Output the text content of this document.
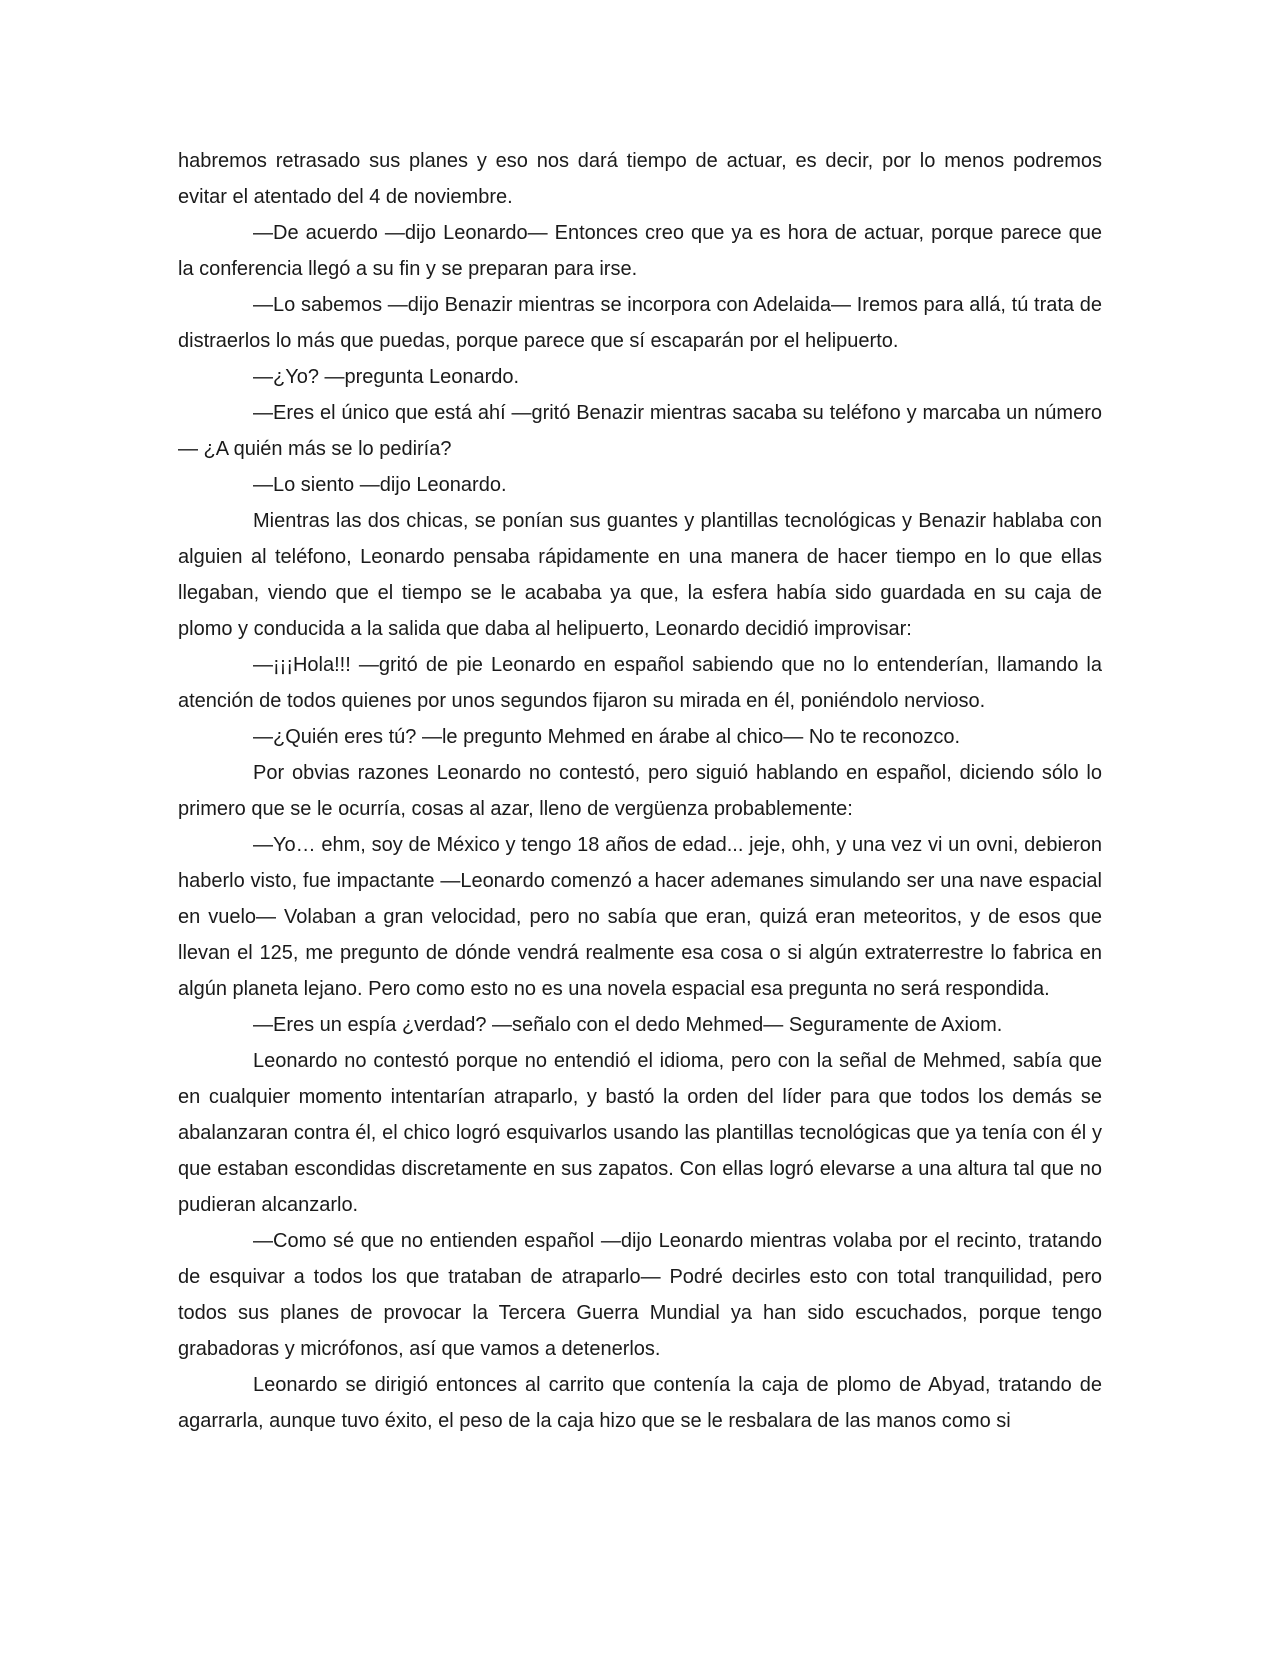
habremos retrasado sus planes y eso nos dará tiempo de actuar, es decir, por lo menos podremos evitar el atentado del 4 de noviembre.

—De acuerdo —dijo Leonardo— Entonces creo que ya es hora de actuar, porque parece que la conferencia llegó a su fin y se preparan para irse.

—Lo sabemos —dijo Benazir mientras se incorpora con Adelaida— Iremos para allá, tú trata de distraerlos lo más que puedas, porque parece que sí escaparán por el helipuerto.

—¿Yo? —pregunta Leonardo.

—Eres el único que está ahí —gritó Benazir mientras sacaba su teléfono y marcaba un número— ¿A quién más se lo pediría?

—Lo siento —dijo Leonardo.

Mientras las dos chicas, se ponían sus guantes y plantillas tecnológicas y Benazir hablaba con alguien al teléfono, Leonardo pensaba rápidamente en una manera de hacer tiempo en lo que ellas llegaban, viendo que el tiempo se le acababa ya que, la esfera había sido guardada en su caja de plomo y conducida a la salida que daba al helipuerto, Leonardo decidió improvisar:

—¡¡¡Hola!!! —gritó de pie Leonardo en español sabiendo que no lo entenderían, llamando la atención de todos quienes por unos segundos fijaron su mirada en él, poniéndolo nervioso.

—¿Quién eres tú? —le pregunto Mehmed en árabe al chico— No te reconozco.

Por obvias razones Leonardo no contestó, pero siguió hablando en español, diciendo sólo lo primero que se le ocurría, cosas al azar, lleno de vergüenza probablemente:

—Yo… ehm, soy de México y tengo 18 años de edad... jeje, ohh, y una vez vi un ovni, debieron haberlo visto, fue impactante —Leonardo comenzó a hacer ademanes simulando ser una nave espacial en vuelo— Volaban a gran velocidad, pero no sabía que eran, quizá eran meteoritos, y de esos que llevan el 125, me pregunto de dónde vendrá realmente esa cosa o si algún extraterrestre lo fabrica en algún planeta lejano. Pero como esto no es una novela espacial esa pregunta no será respondida.

—Eres un espía ¿verdad? —señalo con el dedo Mehmed— Seguramente de Axiom.

Leonardo no contestó porque no entendió el idioma, pero con la señal de Mehmed, sabía que en cualquier momento intentarían atraparlo, y bastó la orden del líder para que todos los demás se abalanzaran contra él, el chico logró esquivarlos usando las plantillas tecnológicas que ya tenía con él y que estaban escondidas discretamente en sus zapatos. Con ellas logró elevarse a una altura tal que no pudieran alcanzarlo.

—Como sé que no entienden español —dijo Leonardo mientras volaba por el recinto, tratando de esquivar a todos los que trataban de atraparlo— Podré decirles esto con total tranquilidad, pero todos sus planes de provocar la Tercera Guerra Mundial ya han sido escuchados, porque tengo grabadoras y micrófonos, así que vamos a detenerlos.

Leonardo se dirigió entonces al carrito que contenía la caja de plomo de Abyad, tratando de agarrarla, aunque tuvo éxito, el peso de la caja hizo que se le resbalara de las manos como si
